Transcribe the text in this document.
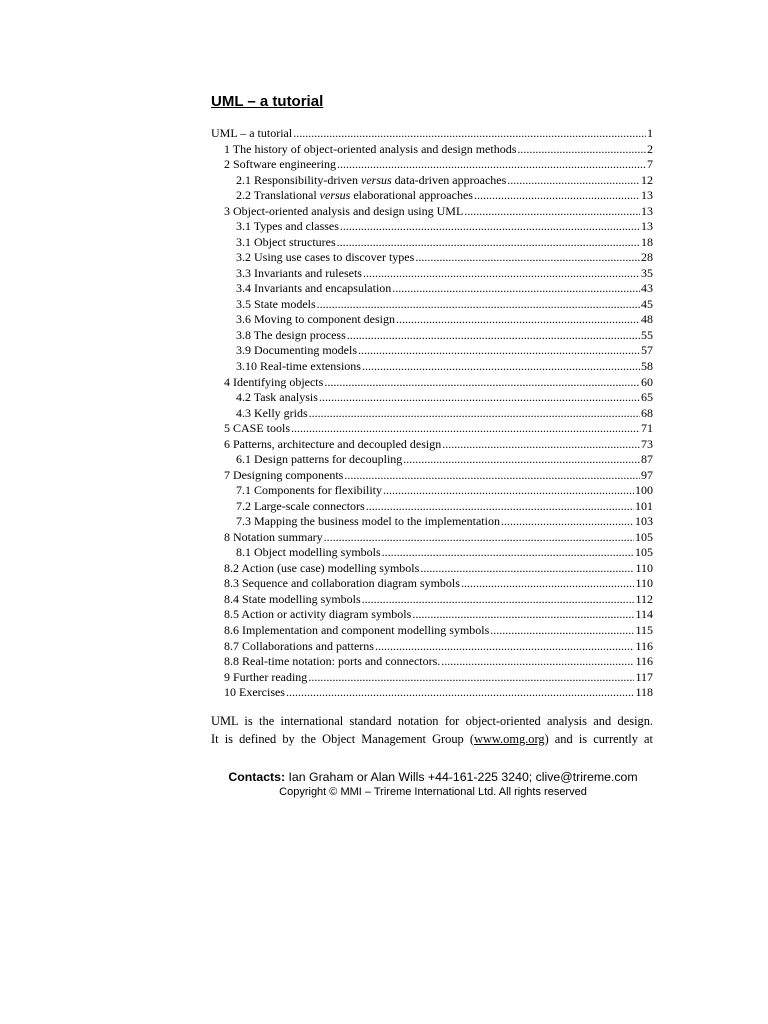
UML – a tutorial
UML – a tutorial .....	1
1 The history of object-oriented analysis and design methods .....	2
2 Software engineering .....	7
2.1 Responsibility-driven versus data-driven approaches .....	12
2.2 Translational versus elaborational approaches .....	13
3 Object-oriented analysis and design using UML .....	13
3.1 Types and classes .....	13
3.1 Object structures .....	18
3.2 Using use cases to discover types .....	28
3.3 Invariants and rulesets .....	35
3.4 Invariants and encapsulation .....	43
3.5 State models .....	45
3.6 Moving to component design .....	48
3.8 The design process .....	55
3.9 Documenting models .....	57
3.10 Real-time extensions .....	58
4 Identifying objects .....	60
4.2 Task analysis .....	65
4.3 Kelly grids .....	68
5 CASE tools .....	71
6 Patterns, architecture and decoupled design .....	73
6.1 Design patterns for decoupling .....	87
7 Designing components .....	97
7.1 Components for flexibility .....	100
7.2 Large-scale connectors .....	101
7.3 Mapping the business model to the implementation .....	103
8 Notation summary .....	105
8.1 Object modelling symbols .....	105
8.2 Action (use case) modelling symbols .....	110
8.3 Sequence and collaboration diagram symbols .....	110
8.4 State modelling symbols .....	112
8.5 Action or activity diagram symbols .....	114
8.6 Implementation and component modelling symbols .....	115
8.7 Collaborations and patterns .....	116
8.8 Real-time notation: ports and connectors. .....	116
9 Further reading .....	117
10 Exercises .....	118
UML is the international standard notation for object-oriented analysis and design.
It is defined by the Object Management Group (www.omg.org) and is currently at
Contacts: Ian Graham or Alan Wills +44-161-225 3240; clive@trireme.com
Copyright © MMI – Trireme International Ltd. All rights reserved
